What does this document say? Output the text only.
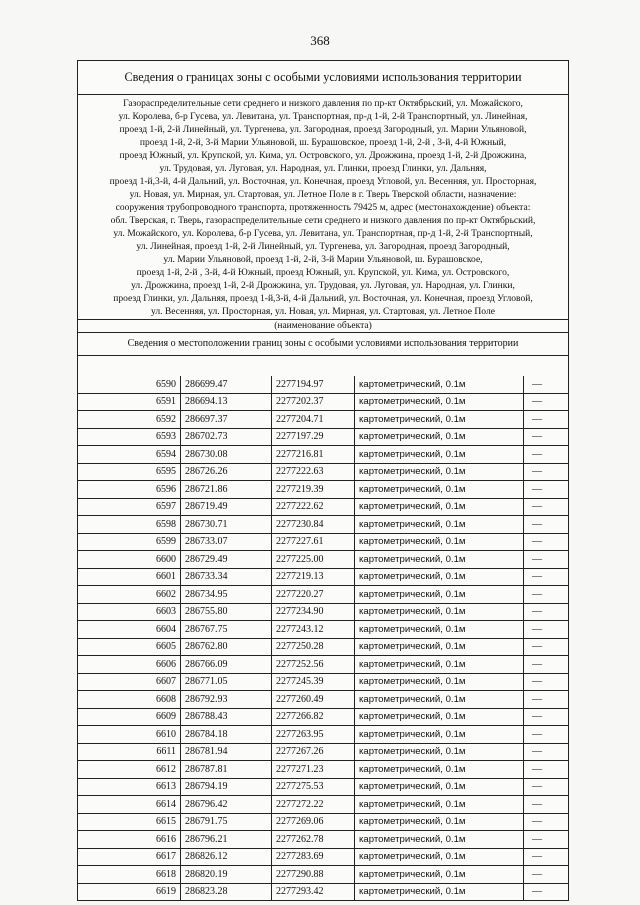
368
Сведения о границах зоны с особыми условиями использования территории
Газораспределительные сети среднего и низкого давления по пр-кт Октябрьский, ул. Можайского,
ул. Королева, б-р Гусева, ул. Левитана, ул. Транспортная, пр-д 1-й, 2-й Транспортный, ул. Линейная,
проезд 1-й, 2-й Линейный, ул. Тургенева, ул. Загородная, проезд Загородный, ул. Марии Ульяновой,
проезд 1-й, 2-й, 3-й Марии Ульяновой, ш. Бурашовское, проезд 1-й, 2-й , 3-й, 4-й Южный,
проезд Южный, ул. Крупской, ул. Кима, ул. Островского, ул. Дрожжина, проезд 1-й, 2-й Дрожжина,
ул. Трудовая, ул. Луговая, ул. Народная, ул. Глинки, проезд Глинки, ул. Дальняя,
проезд 1-й,3-й, 4-й Дальний, ул. Восточная, ул. Конечная, проезд Угловой, ул. Весенняя, ул. Просторная,
ул. Новая, ул. Мирная, ул. Стартовая, ул. Летное Поле в г. Тверь Тверской области, назначение:
сооружения трубопроводного транспорта, протяженность 79425 м, адрес (местонахождение) объекта:
обл. Тверская, г. Тверь, газораспределительные сети среднего и низкого давления по пр-кт Октябрьский,
ул. Можайского, ул. Королева, б-р Гусева, ул. Левитана, ул. Транспортная, пр-д 1-й, 2-й Транспортный,
ул. Линейная, проезд 1-й, 2-й Линейный, ул. Тургенева, ул. Загородная, проезд Загородный,
ул. Марии Ульяновой, проезд 1-й, 2-й, 3-й Марии Ульяновой, ш. Бурашовское,
проезд 1-й, 2-й , 3-й, 4-й Южный, проезд Южный, ул. Крупской, ул. Кима, ул. Островского,
ул. Дрожжина, проезд 1-й, 2-й Дрожжина, ул. Трудовая, ул. Луговая, ул. Народная, ул. Глинки,
проезд Глинки, ул. Дальняя, проезд 1-й,3-й, 4-й Дальний, ул. Восточная, ул. Конечная, проезд Угловой,
ул. Весенняя, ул. Просторная, ул. Новая, ул. Мирная, ул. Стартовая, ул. Летное Поле
(наименование объекта)
Сведения о местоположении границ зоны с особыми условиями использования территории
6590	286699.47	2277194.97	картометрический, 0.1м	—
6591	286694.13	2277202.37	картометрический, 0.1м	—
6592	286697.37	2277204.71	картометрический, 0.1м	—
6593	286702.73	2277197.29	картометрический, 0.1м	—
6594	286730.08	2277216.81	картометрический, 0.1м	—
6595	286726.26	2277222.63	картометрический, 0.1м	—
6596	286721.86	2277219.39	картометрический, 0.1м	—
6597	286719.49	2277222.62	картометрический, 0.1м	—
6598	286730.71	2277230.84	картометрический, 0.1м	—
6599	286733.07	2277227.61	картометрический, 0.1м	—
6600	286729.49	2277225.00	картометрический, 0.1м	—
6601	286733.34	2277219.13	картометрический, 0.1м	—
6602	286734.95	2277220.27	картометрический, 0.1м	—
6603	286755.80	2277234.90	картометрический, 0.1м	—
6604	286767.75	2277243.12	картометрический, 0.1м	—
6605	286762.80	2277250.28	картометрический, 0.1м	—
6606	286766.09	2277252.56	картометрический, 0.1м	—
6607	286771.05	2277245.39	картометрический, 0.1м	—
6608	286792.93	2277260.49	картометрический, 0.1м	—
6609	286788.43	2277266.82	картометрический, 0.1м	—
6610	286784.18	2277263.95	картометрический, 0.1м	—
6611	286781.94	2277267.26	картометрический, 0.1м	—
6612	286787.81	2277271.23	картометрический, 0.1м	—
6613	286794.19	2277275.53	картометрический, 0.1м	—
6614	286796.42	2277272.22	картометрический, 0.1м	—
6615	286791.75	2277269.06	картометрический, 0.1м	—
6616	286796.21	2277262.78	картометрический, 0.1м	—
6617	286826.12	2277283.69	картометрический, 0.1м	—
6618	286820.19	2277290.88	картометрический, 0.1м	—
6619	286823.28	2277293.42	картометрический, 0.1м	—
